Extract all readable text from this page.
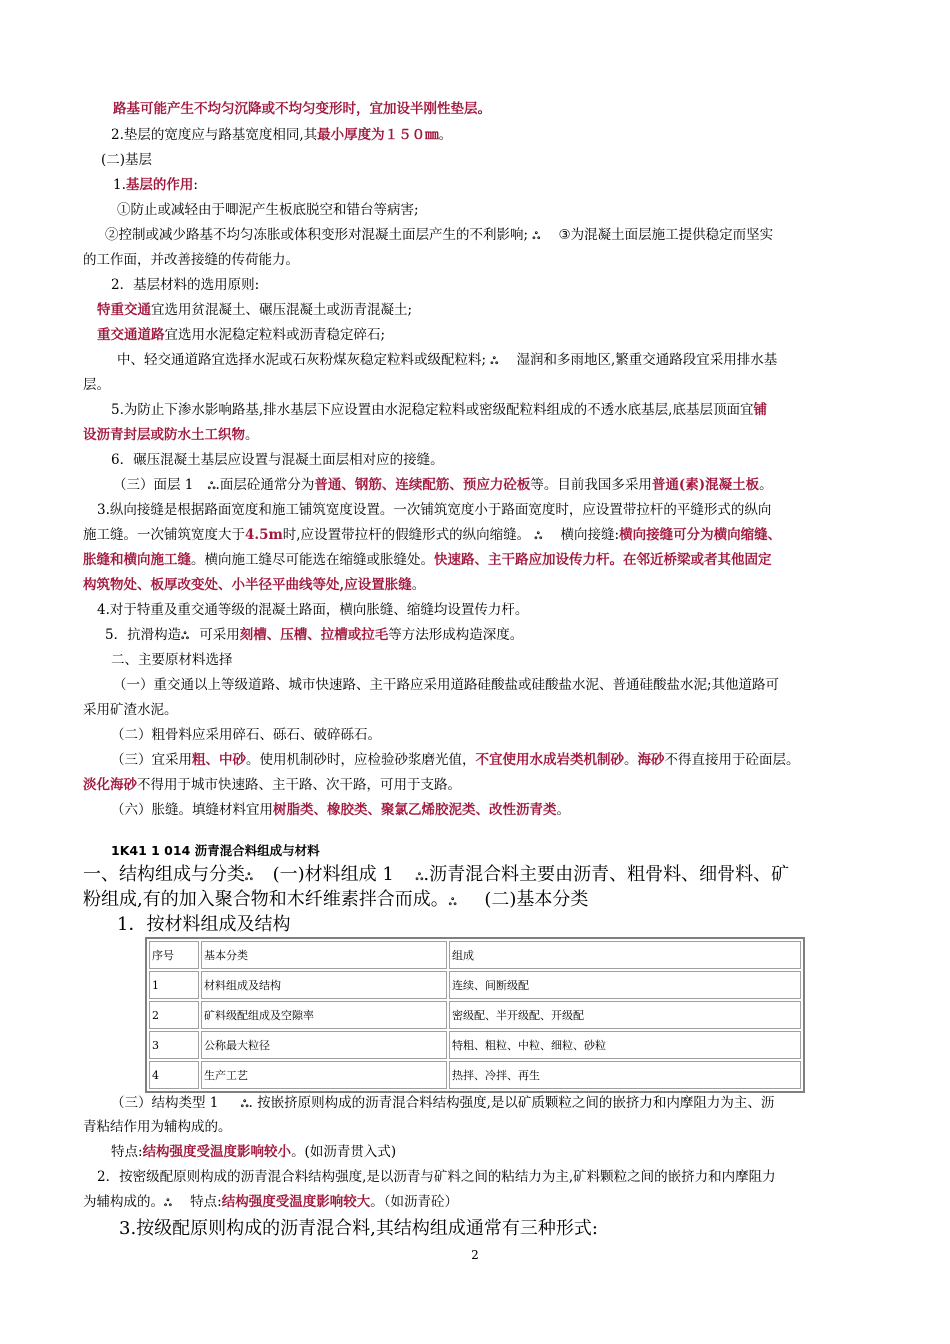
路基可能产生不均匀沉降或不均匀变形时，宜加设半刚性垫层。
2.垫层的宽度应与路基宽度相同,其最小厚度为１５０㎜。
(二)基层
1.基层的作用:
①防止或减轻由于唧泥产生板底脱空和错台等病害;
②控制或减少路基不均匀冻胀或体积变形对混凝土面层产生的不利影响; ஃ ③为混凝土面层施工提供稳定而坚实
的工作面，并改善接缝的传荷能力。
2．基层材料的选用原则:
特重交通宜选用贫混凝土、碾压混凝土或沥青混凝土;
重交通道路宜选用水泥稳定粒料或沥青稳定碎石;
中、轻交通道路宜选择水泥或石灰粉煤灰稳定粒料或级配粒料; ஃ 湿润和多雨地区,繁重交通路段宜采用排水基
层。
5.为防止下渗水影响路基,排水基层下应设置由水泥稳定粒料或密级配粒料组成的不透水底基层,底基层顶面宜铺
设沥青封层或防水土工织物。
6．碾压混凝土基层应设置与混凝土面层相对应的接缝。
（三）面层 1 ஃ.面层砼通常分为普通、钢筋、连续配筋、预应力砼板等。目前我国多采用普通(素)混凝土板。
3.纵向接缝是根据路面宽度和施工铺筑宽度设置。一次铺筑宽度小于路面宽度时，应设置带拉杆的平缝形式的纵向
施工缝。一次铺筑宽度大于4.5m时,应设置带拉杆的假缝形式的纵向缩缝。 ஃ 横向接缝:横向接缝可分为横向缩缝、
胀缝和横向施工缝。横向施工缝尽可能选在缩缝或胀缝处。快速路、主干路应加设传力杆。在邻近桥梁或者其他固定
构筑物处、板厚改变处、小半径平曲线等处,应设置胀缝。
4.对于特重及重交通等级的混凝土路面，横向胀缝、缩缝均设置传力杆。
5．抗滑构造ஃ 可采用刻槽、压槽、拉槽或拉毛等方法形成构造深度。
二、主要原材料选择
（一）重交通以上等级道路、城市快速路、主干路应采用道路硅酸盐或硅酸盐水泥、普通硅酸盐水泥;其他道路可
采用矿渣水泥。
（二）粗骨料应采用碎石、砾石、破碎砾石。
（三）宜采用粗、中砂。使用机制砂时，应检验砂浆磨光值，不宜使用水成岩类机制砂。海砂不得直接用于砼面层。
淡化海砂不得用于城市快速路、主干路、次干路，可用于支路。
（六）胀缝。填缝材料宜用树脂类、橡胶类、聚氯乙烯胶泥类、改性沥青类。
1K41 1 014 沥青混合料组成与材料
一、结构组成与分类ஃ (一)材料组成 1 ஃ.沥青混合料主要由沥青、粗骨料、细骨料、矿
粉组成,有的加入聚合物和木纤维素拌合而成。ஃ (二)基本分类
1．按材料组成及结构
序号	基本分类	组成
1	材料组成及结构	连续、间断级配
2	矿料级配组成及空隙率	密级配、半开级配、开级配
3	公称最大粒径	特粗、粗粒、中粒、细粒、砂粒
4	生产工艺	热拌、冷拌、再生
（三）结构类型 1 ஃ. 按嵌挤原则构成的沥青混合料结构强度,是以矿质颗粒之间的嵌挤力和内摩阻力为主、沥
青粘结作用为辅构成的。
特点:结构强度受温度影响较小。(如沥青贯入式)
2．按密级配原则构成的沥青混合料结构强度,是以沥青与矿料之间的粘结力为主,矿料颗粒之间的嵌挤力和内摩阻力
为辅构成的。ஃ 特点:结构强度受温度影响较大。（如沥青砼）
3.按级配原则构成的沥青混合料,其结构组成通常有三种形式:
2
